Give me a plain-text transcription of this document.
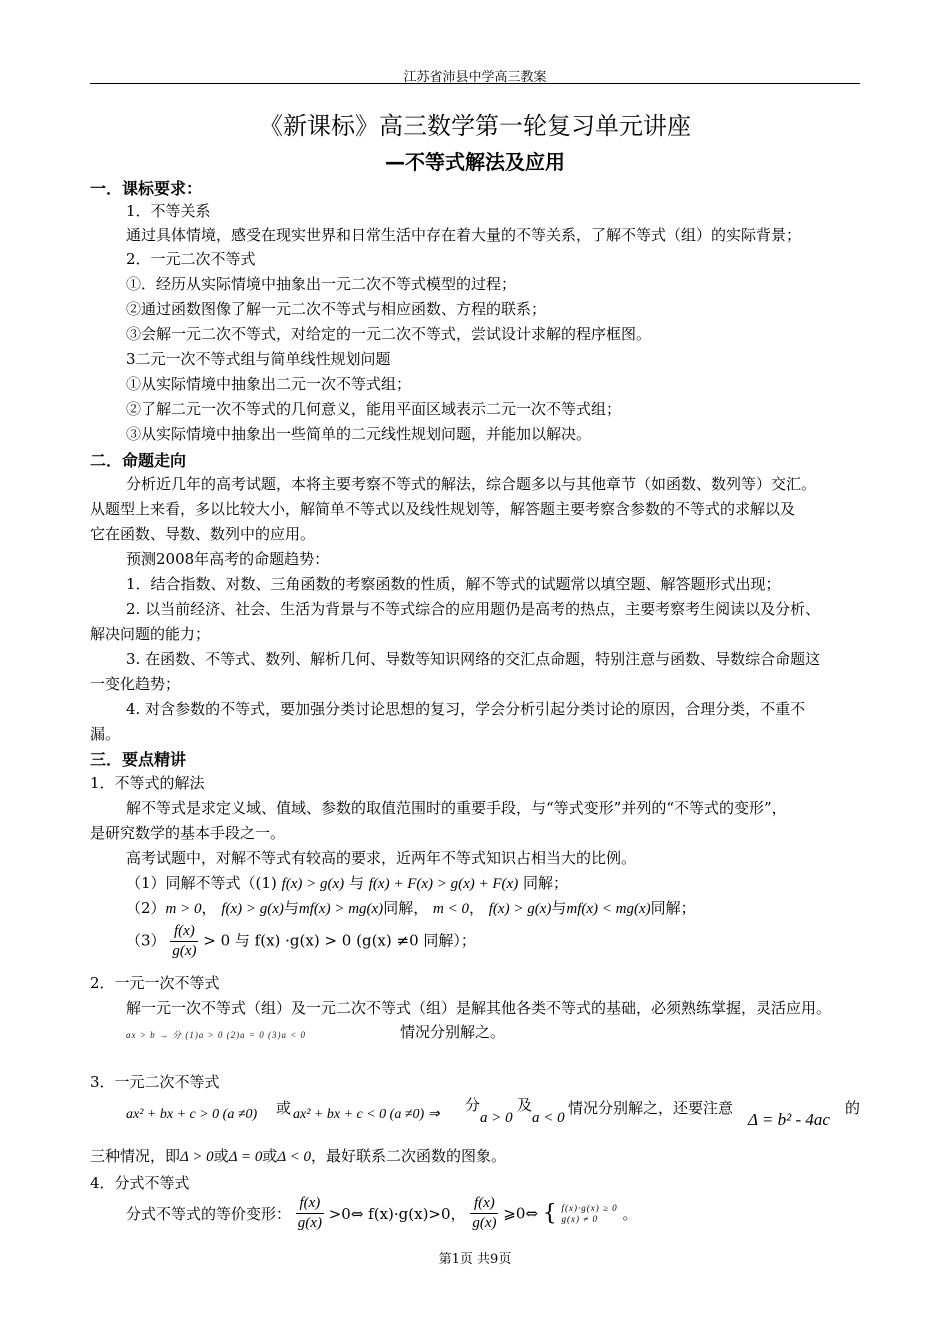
江苏省沛县中学高三教案
《新课标》高三数学第一轮复习单元讲座
—不等式解法及应用
一．课标要求：
1．不等关系
通过具体情境，感受在现实世界和日常生活中存在着大量的不等关系，了解不等式（组）的实际背景；
2．一元二次不等式
①．经历从实际情境中抽象出一元二次不等式模型的过程；
②通过函数图像了解一元二次不等式与相应函数、方程的联系；
③会解一元二次不等式，对给定的一元二次不等式，尝试设计求解的程序框图。
3二元一次不等式组与简单线性规划问题
①从实际情境中抽象出二元一次不等式组；
②了解二元一次不等式的几何意义，能用平面区域表示二元一次不等式组；
③从实际情境中抽象出一些简单的二元线性规划问题，并能加以解决。
二．命题走向
分析近几年的高考试题，本将主要考察不等式的解法，综合题多以与其他章节（如函数、数列等）交汇。
从题型上来看，多以比较大小，解简单不等式以及线性规划等，解答题主要考察含参数的不等式的求解以及
它在函数、导数、数列中的应用。
预测2008年高考的命题趋势：
1．结合指数、对数、三角函数的考察函数的性质，解不等式的试题常以填空题、解答题形式出现；
2. 以当前经济、社会、生活为背景与不等式综合的应用题仍是高考的热点，主要考察考生阅读以及分析、
解决问题的能力；
3. 在函数、不等式、数列、解析几何、导数等知识网络的交汇点命题，特别注意与函数、导数综合命题这
一变化趋势；
4. 对含参数的不等式，要加强分类讨论思想的复习，学会分析引起分类讨论的原因，合理分类，不重不
漏。
三．要点精讲
1．不等式的解法
解不等式是求定义域、值域、参数的取值范围时的重要手段，与“等式变形”并列的“不等式的变形”，
是研究数学的基本手段之一。
高考试题中，对解不等式有较高的要求，近两年不等式知识占相当大的比例。
（1）同解不等式（(1) f(x) > g(x) 与 f(x) + F(x) > g(x) + F(x) 同解；
（2）m > 0， f(x) > g(x)与mf(x) > mg(x)同解， m < 0， f(x) > g(x)与mf(x) < mg(x)同解；
$(3) \frac{f(x)}{g(x)} > 0$ 与 f(x) ·g(x) > 0 (g(x) ≠0 同解）；
2．一元一次不等式
解一元一次不等式（组）及一元二次不等式（组）是解其他各类不等式的基础，必须熟练掌握，灵活应用。
ax > b → 分 (1)a > 0 (2)a = 0 (3)a < 0	情况分别解之。
3．一元二次不等式
ax² + bx + c > 0 (a ≠0) 或 ax² + bx + c < 0 (a ≠0) ⇒
分
a > 0
及
a < 0
情况分别解之，还要注意
Δ = b² - 4ac
的
三种情况，即Δ > 0或Δ = 0或Δ < 0，最好联系二次函数的图象。
4．分式不等式
分式不等式的等价变形： $\frac{f(x)}{g(x)}$ >0⇔ f(x)·g(x)>0， $\frac{f(x)}{g(x)}$ ⩾0⇔ { f(x)·g(x) ≥ 0
g(x) ≠ 0	。
第1页 共9页
